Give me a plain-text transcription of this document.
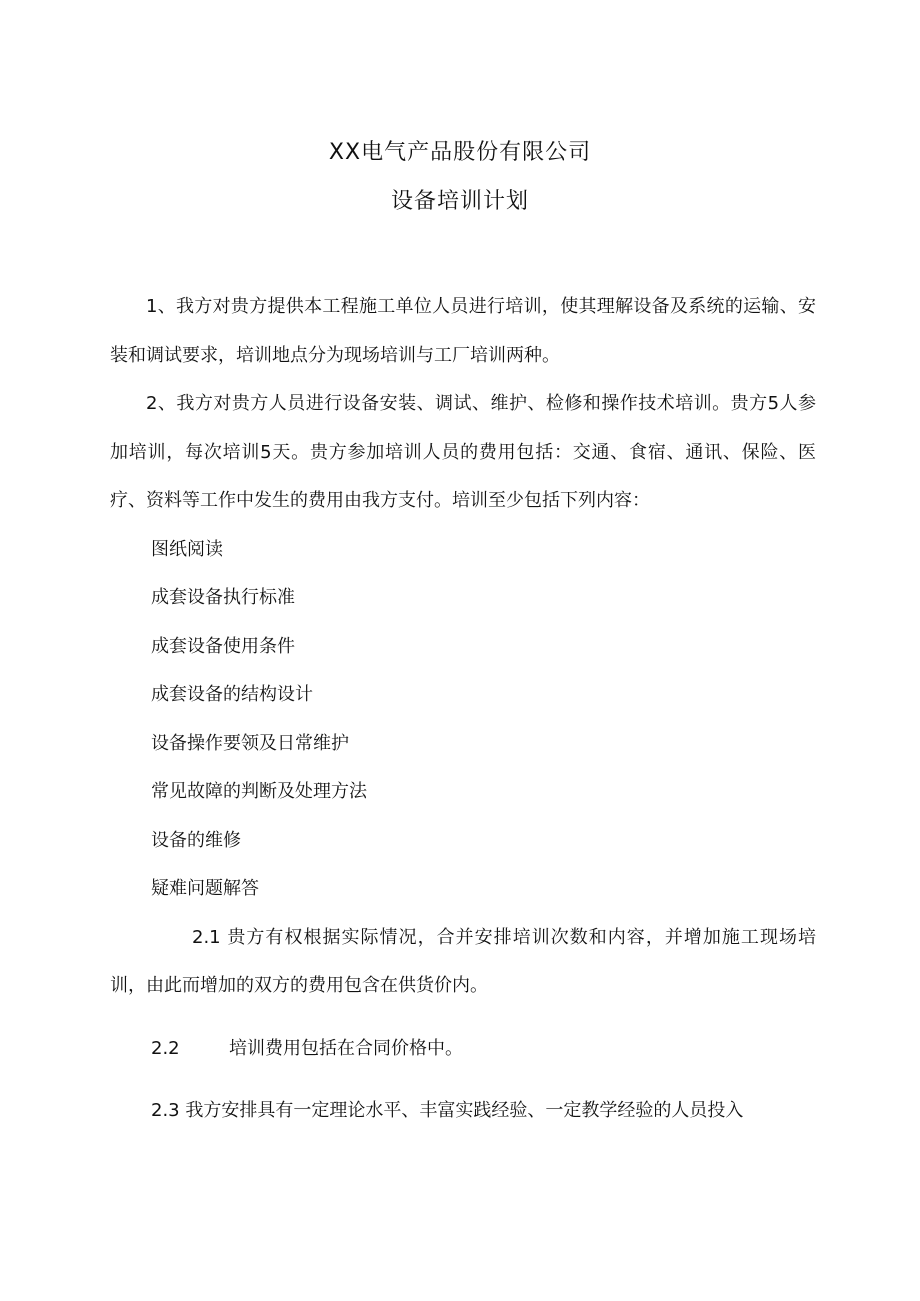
XX电气产品股份有限公司
设备培训计划

1、我方对贵方提供本工程施工单位人员进行培训，使其理解设备及系统的运输、安装和调试要求，培训地点分为现场培训与工厂培训两种。

2、我方对贵方人员进行设备安装、调试、维护、检修和操作技术培训。贵方5人参加培训，每次培训5天。贵方参加培训人员的费用包括：交通、食宿、通讯、保险、医疗、资料等工作中发生的费用由我方支付。培训至少包括下列内容：

图纸阅读

成套设备执行标准

成套设备使用条件

成套设备的结构设计

设备操作要领及日常维护

常见故障的判断及处理方法

设备的维修

疑难问题解答

2.1 贵方有权根据实际情况，合并安排培训次数和内容，并增加施工现场培训，由此而增加的双方的费用包含在供货价内。

2.2	培训费用包括在合同价格中。

2.3 我方安排具有一定理论水平、丰富实践经验、一定教学经验的人员投入
